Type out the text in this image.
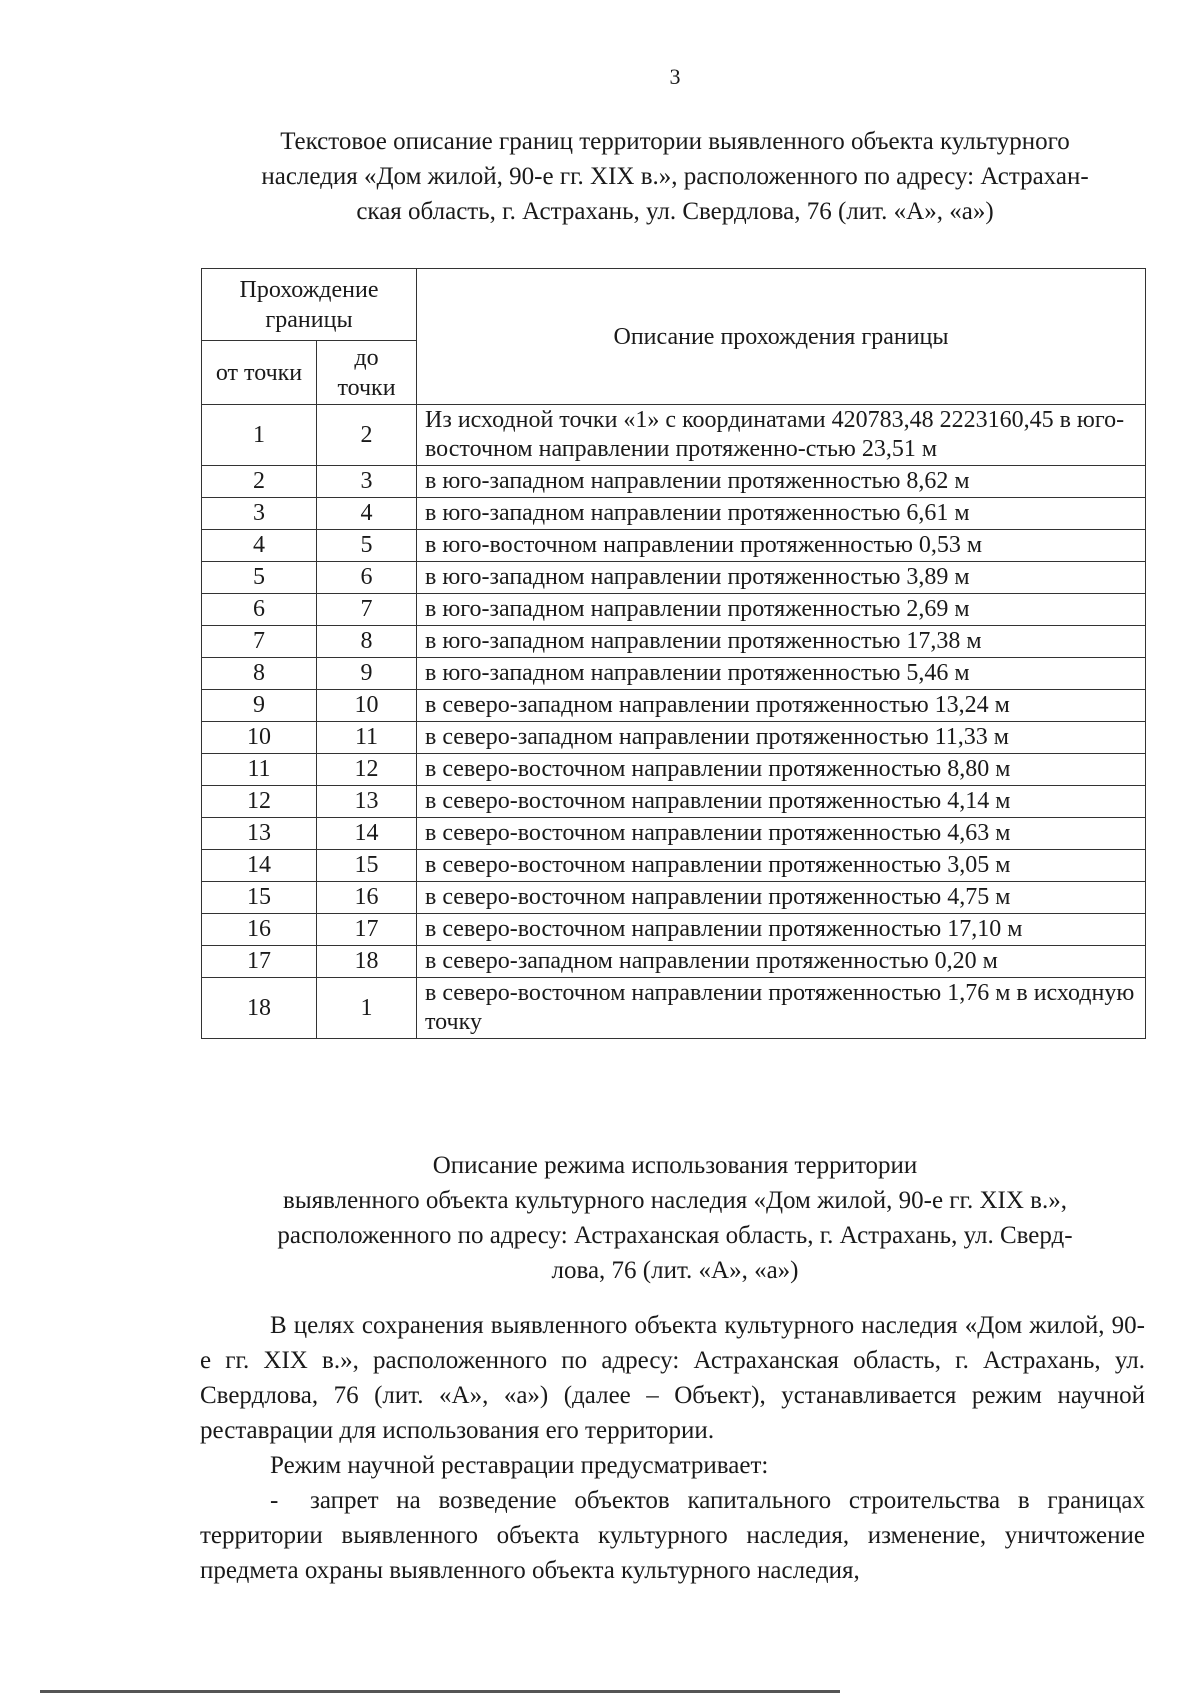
3
Текстовое описание границ территории выявленного объекта культурного
наследия «Дом жилой, 90-е гг. XIX в.», расположенного по адресу: Астрахан-
ская область, г. Астрахань, ул. Свердлова, 76 (лит. «А», «а»)
Прохождение границы		Описание прохождения границы
от точки	до точки	
1	2	Из исходной точки «1» с координатами 420783,48 2223160,45 в юго-восточном направлении протяженно-стью 23,51 м
2	3	в юго-западном направлении протяженностью 8,62 м
3	4	в юго-западном направлении протяженностью 6,61 м
4	5	в юго-восточном направлении протяженностью 0,53 м
5	6	в юго-западном направлении протяженностью 3,89 м
6	7	в юго-западном направлении протяженностью 2,69 м
7	8	в юго-западном направлении протяженностью 17,38 м
8	9	в юго-западном направлении протяженностью 5,46 м
9	10	в северо-западном направлении протяженностью 13,24 м
10	11	в северо-западном направлении протяженностью 11,33 м
11	12	в северо-восточном направлении протяженностью 8,80 м
12	13	в северо-восточном направлении протяженностью 4,14 м
13	14	в северо-восточном направлении протяженностью 4,63 м
14	15	в северо-восточном направлении протяженностью 3,05 м
15	16	в северо-восточном направлении протяженностью 4,75 м
16	17	в северо-восточном направлении протяженностью 17,10 м
17	18	в северо-западном направлении протяженностью 0,20 м
18	1	в северо-восточном направлении протяженностью 1,76 м в исходную точку
Описание режима использования территории
выявленного объекта культурного наследия «Дом жилой, 90-е гг. XIX в.»,
расположенного по адресу: Астраханская область, г. Астрахань, ул. Сверд-
лова, 76 (лит. «А», «а»)

В целях сохранения выявленного объекта культурного наследия «Дом жилой, 90-е гг. XIX в.», расположенного по адресу: Астраханская область, г. Астрахань, ул. Свердлова, 76 (лит. «А», «а») (далее – Объект), устанавливается режим научной реставрации для использования его территории.

Режим научной реставрации предусматривает:

- запрет на возведение объектов капитального строительства в границах территории выявленного объекта культурного наследия, изменение, уничтожение предмета охраны выявленного объекта культурного наследия,
